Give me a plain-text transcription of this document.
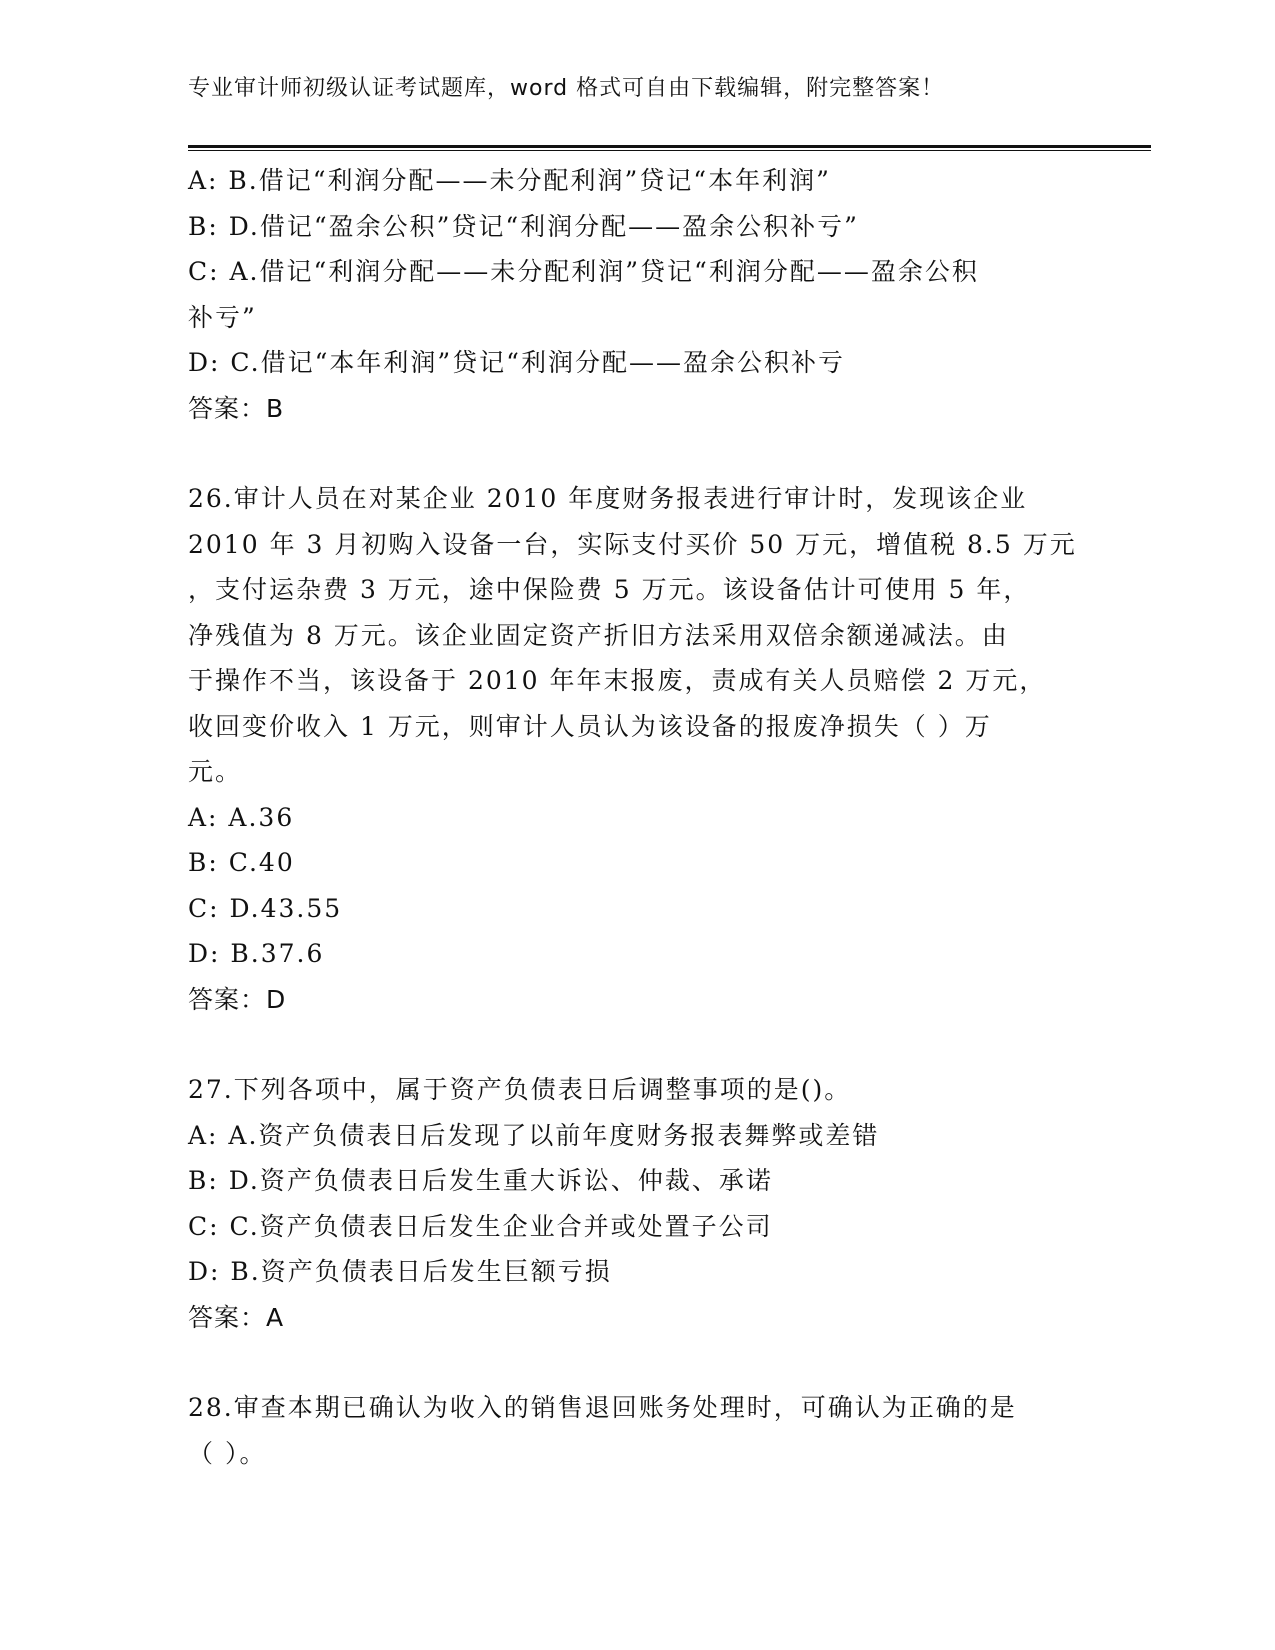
专业审计师初级认证考试题库，word 格式可自由下载编辑，附完整答案！
A: B.借记“利润分配——未分配利润”贷记“本年利润”
B: D.借记“盈余公积”贷记“利润分配——盈余公积补亏”
C: A.借记“利润分配——未分配利润”贷记“利润分配——盈余公积
补亏”
D: C.借记“本年利润”贷记“利润分配——盈余公积补亏
答案：B
26.审计人员在对某企业 2010 年度财务报表进行审计时，发现该企业
2010 年 3 月初购入设备一台，实际支付买价 50 万元，增值税 8.5 万元
，支付运杂费 3 万元，途中保险费 5 万元。该设备估计可使用 5 年，
净残值为 8 万元。该企业固定资产折旧方法采用双倍余额递减法。由
于操作不当，该设备于 2010 年年末报废，责成有关人员赔偿 2 万元，
收回变价收入 1 万元，则审计人员认为该设备的报废净损失（ ）万
元。
A: A.36
B: C.40
C: D.43.55
D: B.37.6
答案：D
27.下列各项中，属于资产负债表日后调整事项的是()。
A: A.资产负债表日后发现了以前年度财务报表舞弊或差错
B: D.资产负债表日后发生重大诉讼、仲裁、承诺
C: C.资产负债表日后发生企业合并或处置子公司
D: B.资产负债表日后发生巨额亏损
答案：A
28.审查本期已确认为收入的销售退回账务处理时，可确认为正确的是
（ ）。
